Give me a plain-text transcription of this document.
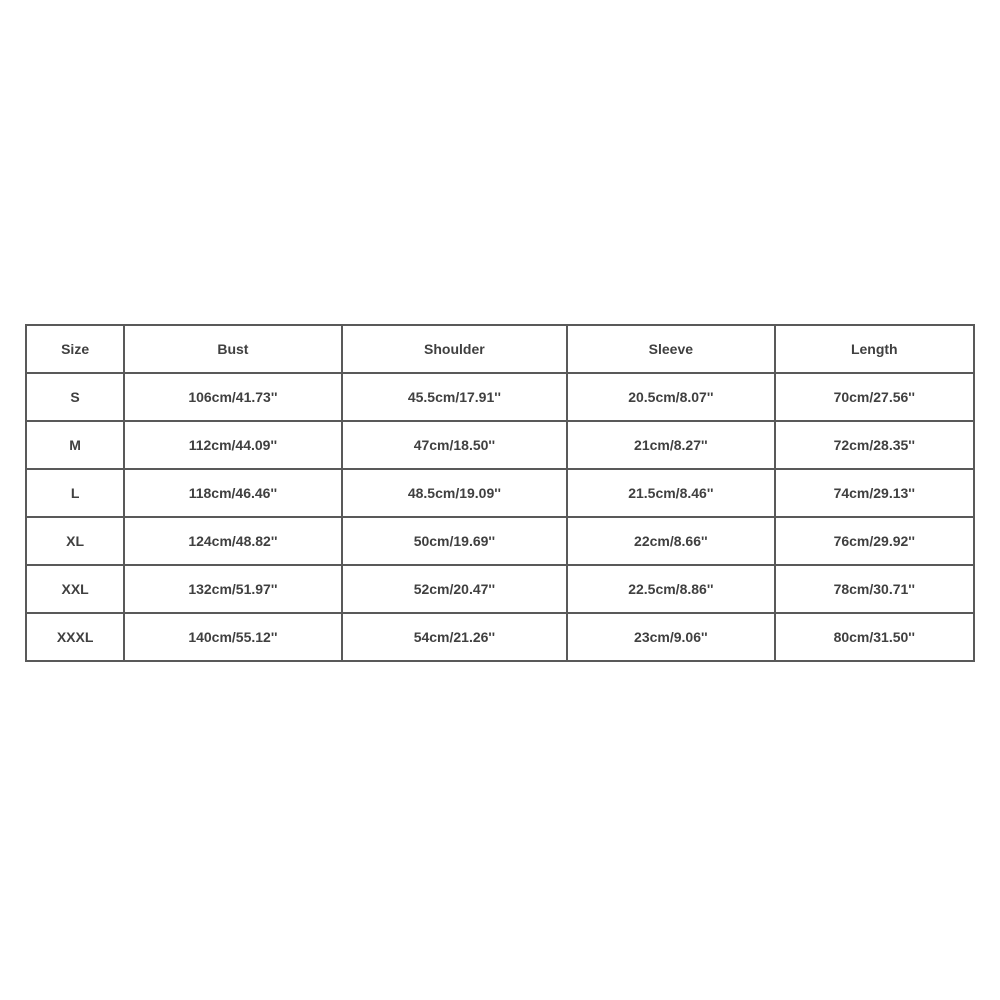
Size	Bust	Shoulder	Sleeve	Length
S	106cm/41.73''	45.5cm/17.91''	20.5cm/8.07''	70cm/27.56''
M	112cm/44.09''	47cm/18.50''	21cm/8.27''	72cm/28.35''
L	118cm/46.46''	48.5cm/19.09''	21.5cm/8.46''	74cm/29.13''
XL	124cm/48.82''	50cm/19.69''	22cm/8.66''	76cm/29.92''
XXL	132cm/51.97''	52cm/20.47''	22.5cm/8.86''	78cm/30.71''
XXXL	140cm/55.12''	54cm/21.26''	23cm/9.06''	80cm/31.50''
